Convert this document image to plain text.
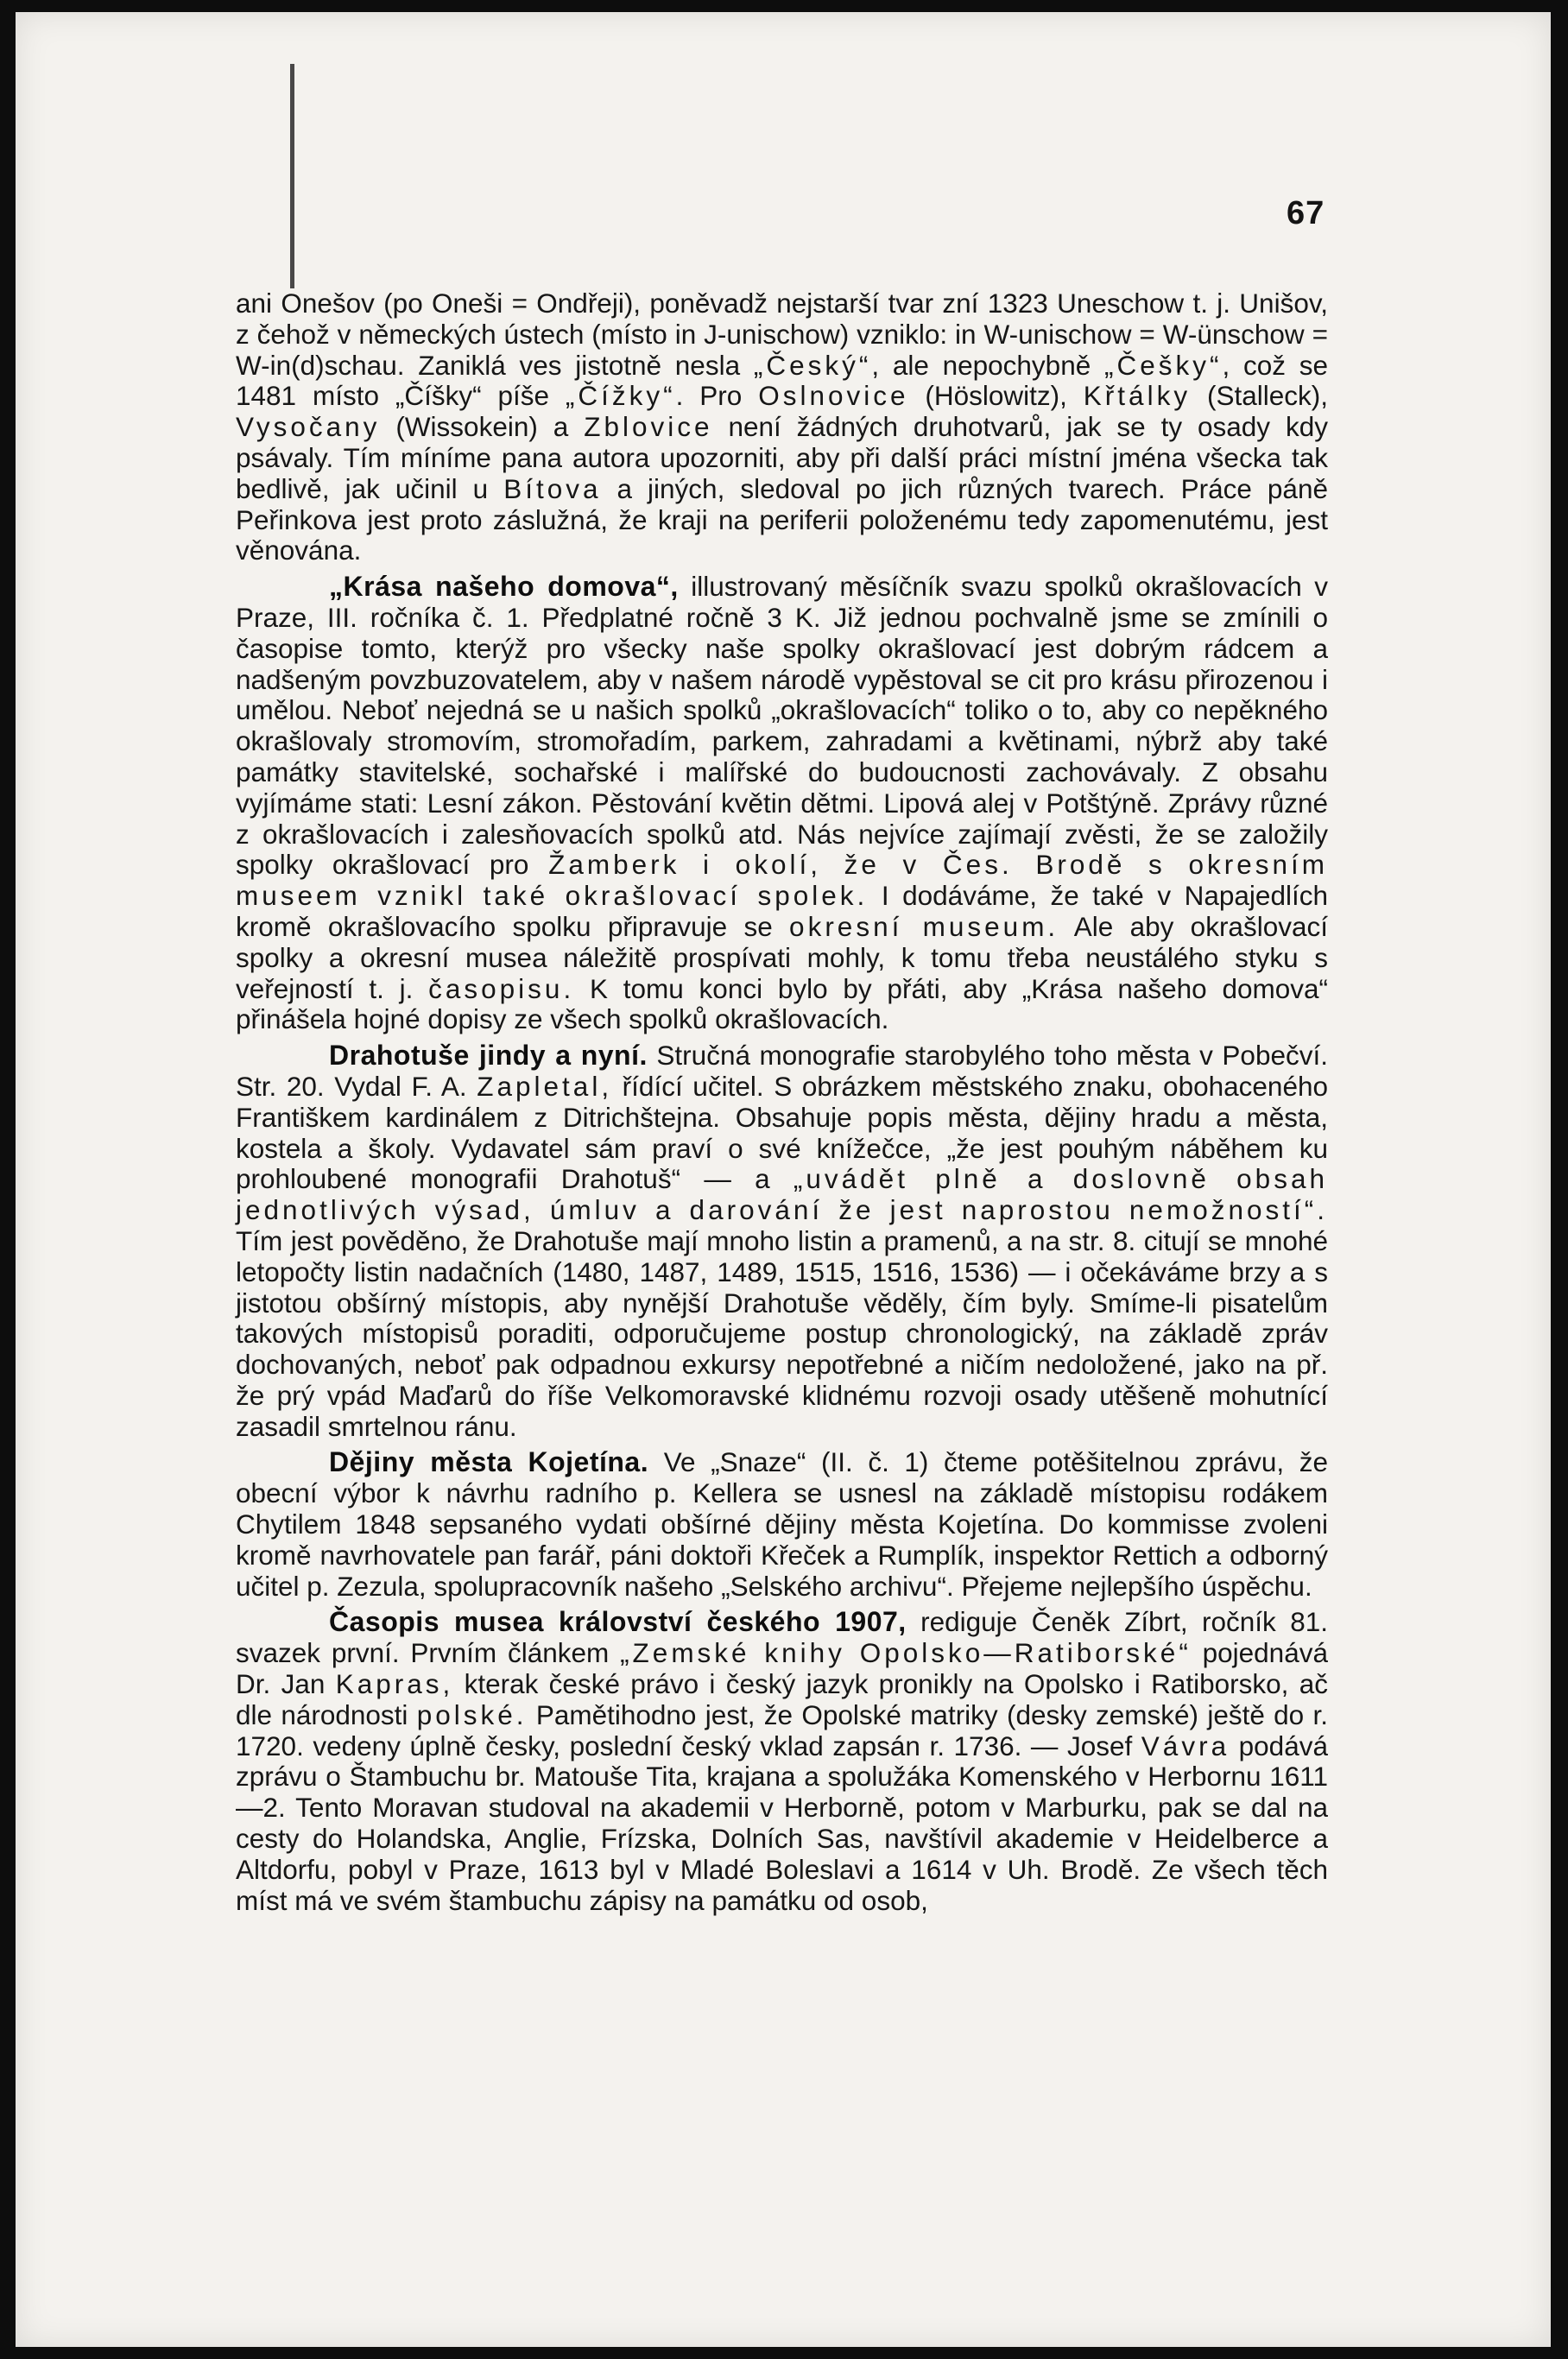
67

ani Onešov (po Oneši = Ondřeji), poněvadž nejstarší tvar zní 1323 Uneschow t. j. Unišov, z čehož v německých ústech (místo in J-unischow) vzniklo: in W-unischow = W-ünschow = W-in(d)schau. Zaniklá ves jistotně nesla „Český“, ale nepochybně „Češky“, což se 1481 místo „Číšky“ píše „Čížky“. Pro Oslnovice (Höslowitz), Křtálky (Stalleck), Vysočany (Wissokein) a Zblovice není žádných druhotvarů, jak se ty osady kdy psávaly. Tím míníme pana autora upozorniti, aby při další práci místní jména všecka tak bedlivě, jak učinil u Bítova a jiných, sledoval po jich různých tvarech. Práce páně Peřinkova jest proto záslužná, že kraji na periferii položenému tedy zapomenutému, jest věnována.

„Krása našeho domova“, illustrovaný měsíčník svazu spolků okrašlovacích v Praze, III. ročníka č. 1. Předplatné ročně 3 K. Již jednou pochvalně jsme se zmínili o časopise tomto, kterýž pro všecky naše spolky okrašlovací jest dobrým rádcem a nadšeným povzbuzovatelem, aby v našem národě vypěstoval se cit pro krásu přirozenou i umělou. Neboť nejedná se u našich spolků „okrašlovacích“ toliko o to, aby co nepěkného okrašlovaly stromovím, stromořadím, parkem, zahradami a květinami, nýbrž aby také památky stavitelské, sochařské i malířské do budoucnosti zachovávaly. Z obsahu vyjímáme stati: Lesní zákon. Pěstování květin dětmi. Lipová alej v Potštýně. Zprávy různé z okrašlovacích i zalesňovacích spolků atd. Nás nejvíce zajímají zvěsti, že se založily spolky okrašlovací pro Žamberk i okolí, že v Čes. Brodě s okresním museem vznikl také okrašlovací spolek. I dodáváme, že také v Napajedlích kromě okrašlovacího spolku připravuje se okresní museum. Ale aby okrašlovací spolky a okresní musea náležitě prospívati mohly, k tomu třeba neustálého styku s veřejností t. j. časopisu. K tomu konci bylo by přáti, aby „Krása našeho domova“ přinášela hojné dopisy ze všech spolků okrašlovacích.

Drahotuše jindy a nyní. Stručná monografie starobylého toho města v Pobečví. Str. 20. Vydal F. A. Zapletal, řídící učitel. S obrázkem městského znaku, obohaceného Františkem kardinálem z Ditrichštejna. Obsahuje popis města, dějiny hradu a města, kostela a školy. Vydavatel sám praví o své knížečce, „že jest pouhým náběhem ku prohloubené monografii Drahotuš“ — a „uvádět plně a doslovně obsah jednotlivých výsad, úmluv a darování že jest naprostou nemožností“. Tím jest pověděno, že Drahotuše mají mnoho listin a pramenů, a na str. 8. citují se mnohé letopočty listin nadačních (1480, 1487, 1489, 1515, 1516, 1536) — i očekáváme brzy a s jistotou obšírný místopis, aby nynější Drahotuše věděly, čím byly. Smíme-li pisatelům takových místopisů poraditi, odporučujeme postup chronologický, na základě zpráv dochovaných, neboť pak odpadnou exkursy nepotřebné a ničím nedoložené, jako na př. že prý vpád Maďarů do říše Velkomoravské klidnému rozvoji osady utěšeně mohutnící zasadil smrtelnou ránu.

Dějiny města Kojetína. Ve „Snaze“ (II. č. 1) čteme potěšitelnou zprávu, že obecní výbor k návrhu radního p. Kellera se usnesl na základě místopisu rodákem Chytilem 1848 sepsaného vydati obšírné dějiny města Kojetína. Do kommisse zvoleni kromě navrhovatele pan farář, páni doktoři Křeček a Rumplík, inspektor Rettich a odborný učitel p. Zezula, spolupracovník našeho „Selského archivu“. Přejeme nejlepšího úspěchu.

Časopis musea království českého 1907, rediguje Čeněk Zíbrt, ročník 81. svazek první. Prvním článkem „Zemské knihy Opolsko—Ratiborské“ pojednává Dr. Jan Kapras, kterak české právo i český jazyk pronikly na Opolsko i Ratiborsko, ač dle národnosti polské. Pamětihodno jest, že Opolské matriky (desky zemské) ještě do r. 1720. vedeny úplně česky, poslední český vklad zapsán r. 1736. — Josef Vávra podává zprávu o Štambuchu br. Matouše Tita, krajana a spolužáka Komenského v Herbornu 1611—2. Tento Moravan studoval na akademii v Herborně, potom v Marburku, pak se dal na cesty do Holandska, Anglie, Frízska, Dolních Sas, navštívil akademie v Heidelberce a Altdorfu, pobyl v Praze, 1613 byl v Mladé Boleslavi a 1614 v Uh. Brodě. Ze všech těch míst má ve svém štambuchu zápisy na památku od osob,
